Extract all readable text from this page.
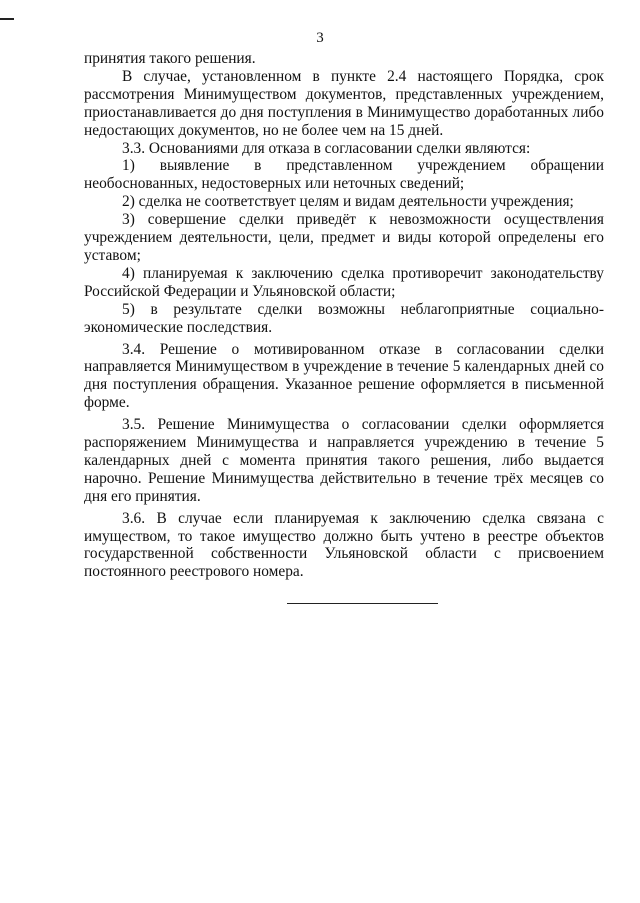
3

принятия такого решения.

В случае, установленном в пункте 2.4 настоящего Порядка, срок рассмотрения Минимуществом документов, представленных учреждением, приостанавливается до дня поступления в Минимущество доработанных либо недостающих документов, но не более чем на 15 дней.

3.3. Основаниями для отказа в согласовании сделки являются:

1) выявление в представленном учреждением обращении необоснованных, недостоверных или неточных сведений;

2) сделка не соответствует целям и видам деятельности учреждения;

3) совершение сделки приведёт к невозможности осуществления учреждением деятельности, цели, предмет и виды которой определены его уставом;

4) планируемая к заключению сделка противоречит законодательству Российской Федерации и Ульяновской области;

5) в результате сделки возможны неблагоприятные социально-экономические последствия.

3.4. Решение о мотивированном отказе в согласовании сделки направляется Минимуществом в учреждение в течение 5 календарных дней со дня поступления обращения. Указанное решение оформляется в письменной форме.

3.5. Решение Минимущества о согласовании сделки оформляется распоряжением Минимущества и направляется учреждению в течение 5 календарных дней с момента принятия такого решения, либо выдается нарочно. Решение Минимущества действительно в течение трёх месяцев со дня его принятия.

3.6. В случае если планируемая к заключению сделка связана с имуществом, то такое имущество должно быть учтено в реестре объектов государственной собственности Ульяновской области с присвоением постоянного реестрового номера.
